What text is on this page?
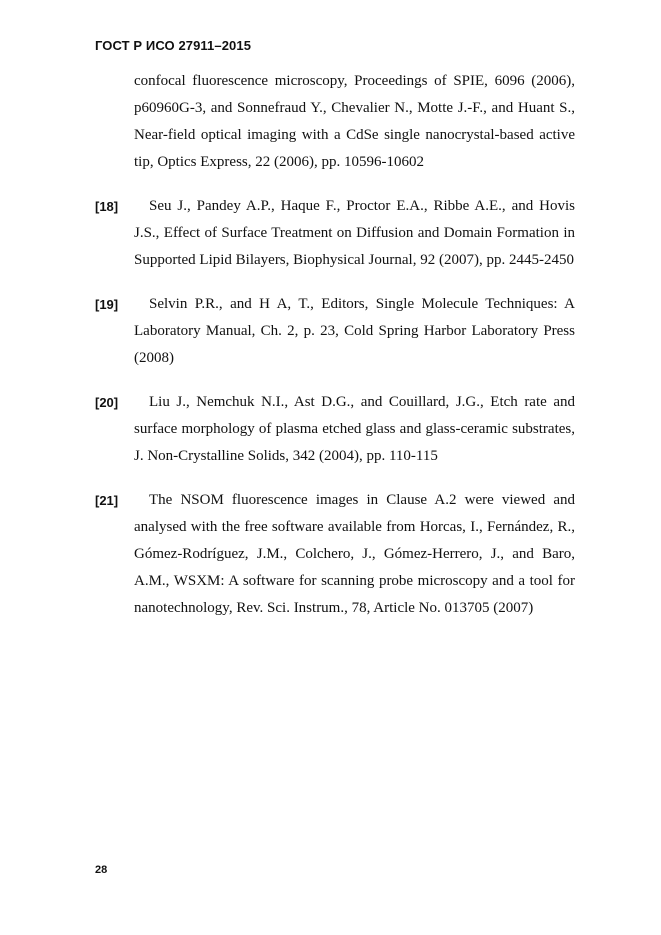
ГОСТ Р ИСО 27911–2015
confocal fluorescence microscopy, Proceedings of SPIE, 6096 (2006), p60960G-3, and Sonnefraud Y., Chevalier N., Motte J.-F., and Huant S., Near-field optical imaging with a CdSe single nanocrystal-based active tip, Optics Express, 22 (2006), pp. 10596-10602
[18]	Seu J., Pandey A.P., Haque F., Proctor E.A., Ribbe A.E., and Hovis J.S., Effect of Surface Treatment on Diffusion and Domain Formation in Supported Lipid Bilayers, Biophysical Journal, 92 (2007), pp. 2445-2450
[19]	Selvin P.R., and H A, T., Editors, Single Molecule Techniques: A Laboratory Manual, Ch. 2, p. 23, Cold Spring Harbor Laboratory Press (2008)
[20]	Liu J., Nemchuk N.I., Ast D.G., and Couillard, J.G., Etch rate and surface morphology of plasma etched glass and glass-ceramic substrates, J. Non-Crystalline Solids, 342 (2004), pp. 110-115
[21]	The NSOM fluorescence images in Clause A.2 were viewed and analysed with the free software available from Horcas, I., Fernández, R., Gómez-Rodríguez, J.M., Colchero, J., Gómez-Herrero, J., and Baro, A.M., WSXM: A software for scanning probe microscopy and a tool for nanotechnology, Rev. Sci. Instrum., 78, Article No. 013705 (2007)
28
